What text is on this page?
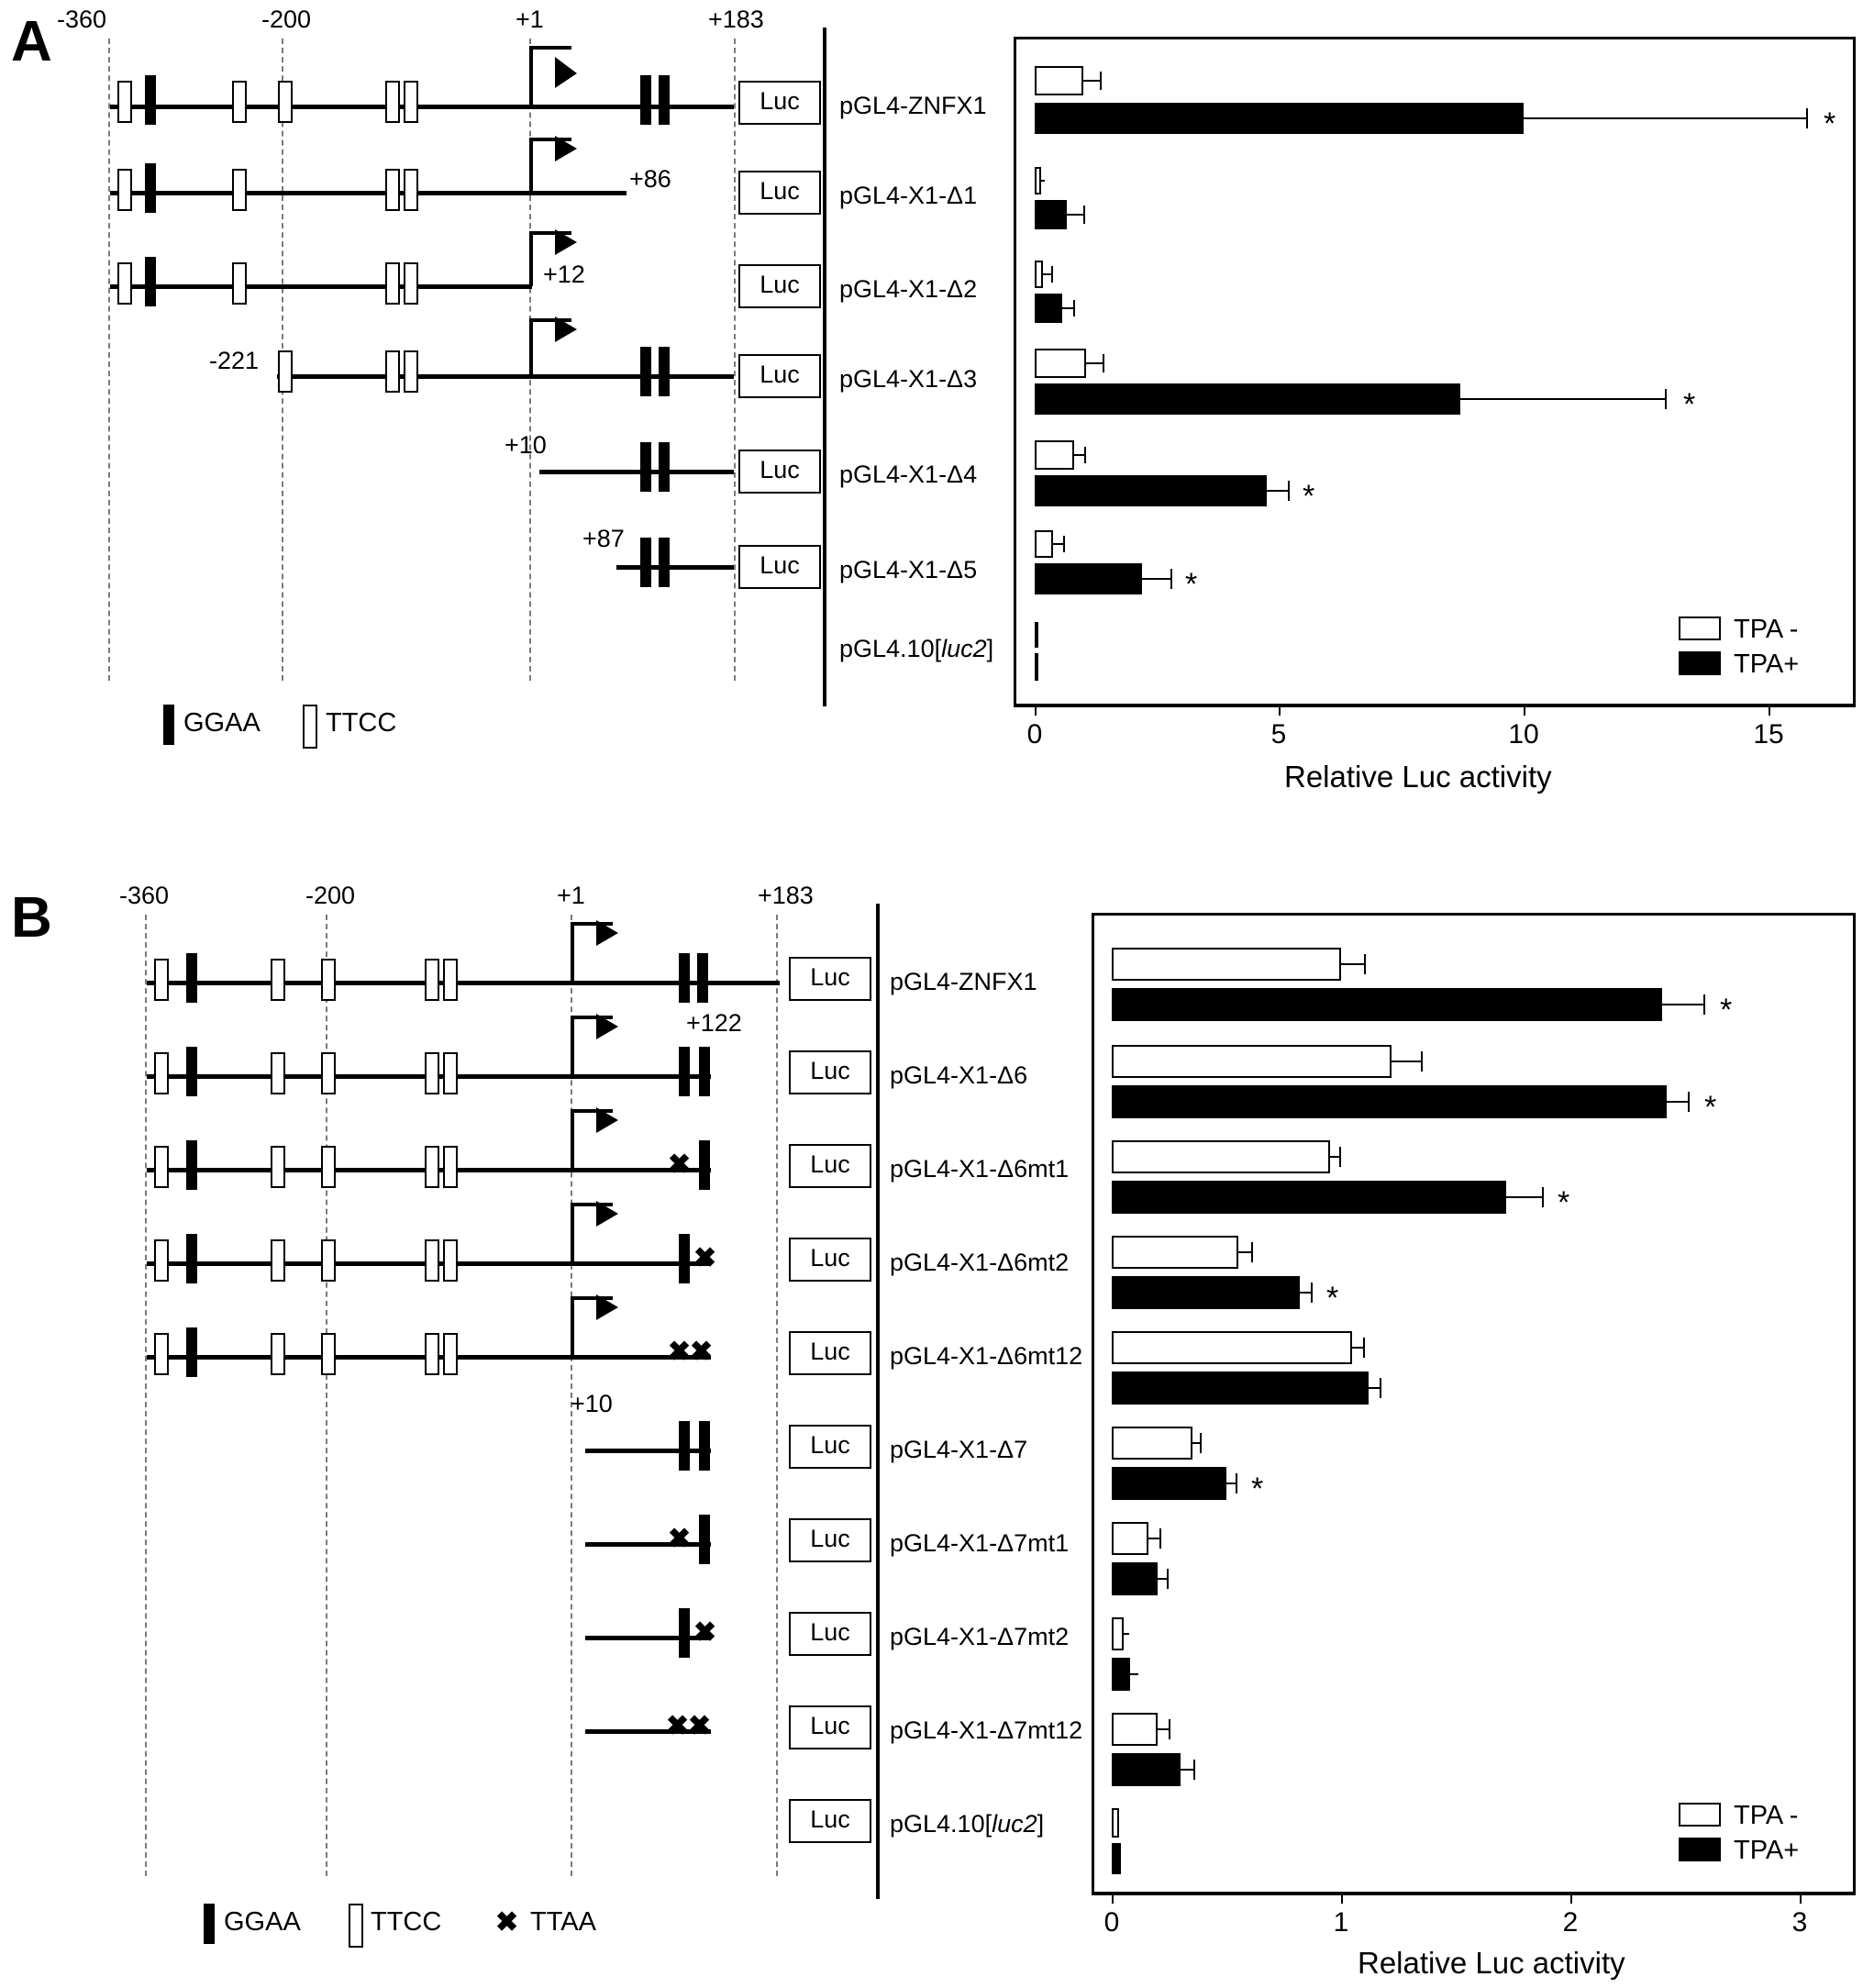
A -360	-200	+1	+183
Luc	pGL4-ZNFX1
+86	Luc	pGL4-X1-Δ1
+12	Luc	pGL4-X1-Δ2
-221	Luc	pGL4-X1-Δ3
+10
Luc	pGL4-X1-Δ4
+87
Luc	pGL4-X1-Δ5
pGL4.10[luc2]
GGAA TTCC
*
*
*
*
TPA -
TPA+
0	5	10	15
Relative Luc activity
B	-360	-200	+1	+183
Luc	pGL4-ZNFX1
+122
Luc	pGL4-X1-Δ6
✖	Luc	pGL4-X1-Δ6mt1
✖	Luc	pGL4-X1-Δ6mt2
✖
✖	Luc	pGL4-X1-Δ6mt12
+10
Luc	pGL4-X1-Δ7
✖	Luc	pGL4-X1-Δ7mt1
✖	Luc	pGL4-X1-Δ7mt2
✖
✖	Luc	pGL4-X1-Δ7mt12
Luc	pGL4.10[luc2]
GGAA	TTCC ✖ TTAA
*
*
*
*
*
TPA -
TPA+
0	1	2	3
Relative Luc activity
